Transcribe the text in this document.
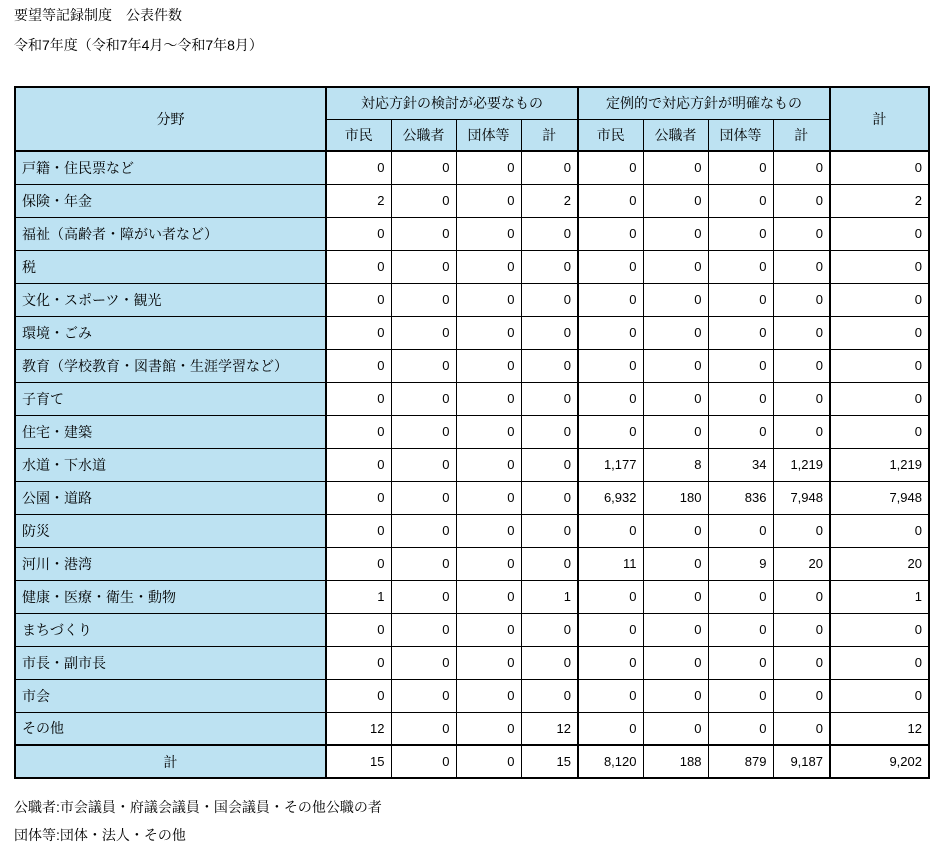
要望等記録制度　公表件数
令和7年度（令和7年4月～令和7年8月）
分野	対応方針の検討が必要なもの				定例的で対応方針が明確なもの				計
	市民	公職者	団体等	計	市民	公職者	団体等	計	
戸籍・住民票など	0	0	0	0	0	0	0	0	0
保険・年金	2	0	0	2	0	0	0	0	2
福祉（高齢者・障がい者など）	0	0	0	0	0	0	0	0	0
税	0	0	0	0	0	0	0	0	0
文化・スポーツ・観光	0	0	0	0	0	0	0	0	0
環境・ごみ	0	0	0	0	0	0	0	0	0
教育（学校教育・図書館・生涯学習など）	0	0	0	0	0	0	0	0	0
子育て	0	0	0	0	0	0	0	0	0
住宅・建築	0	0	0	0	0	0	0	0	0
水道・下水道	0	0	0	0	1,177	8	34	1,219	1,219
公園・道路	0	0	0	0	6,932	180	836	7,948	7,948
防災	0	0	0	0	0	0	0	0	0
河川・港湾	0	0	0	0	11	0	9	20	20
健康・医療・衛生・動物	1	0	0	1	0	0	0	0	1
まちづくり	0	0	0	0	0	0	0	0	0
市長・副市長	0	0	0	0	0	0	0	0	0
市会	0	0	0	0	0	0	0	0	0
その他	12	0	0	12	0	0	0	0	12
計	15	0	0	15	8,120	188	879	9,187	9,202
公職者:市会議員・府議会議員・国会議員・その他公職の者
団体等:団体・法人・その他
